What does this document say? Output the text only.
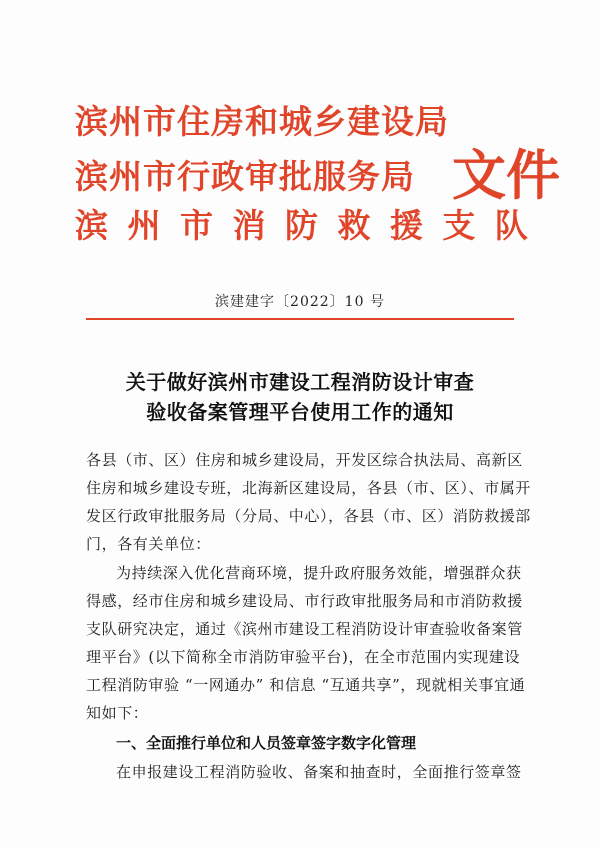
滨州市住房和城乡建设局
滨州市行政审批服务局
滨 州 市 消 防 救 援 支 队
文件
滨建建字〔2022〕10 号
关于做好滨州市建设工程消防设计审查
验收备案管理平台使用工作的通知
各县（市、区）住房和城乡建设局，开发区综合执法局、高新区
住房和城乡建设专班，北海新区建设局，各县（市、区）、市属开
发区行政审批服务局（分局、中心），各县（市、区）消防救援部
门，各有关单位：
为持续深入优化营商环境，提升政府服务效能，增强群众获
得感，经市住房和城乡建设局、市行政审批服务局和市消防救援
支队研究决定，通过《滨州市建设工程消防设计审查验收备案管
理平台》(以下简称全市消防审验平台)，在全市范围内实现建设
工程消防审验 “一网通办” 和信息 “互通共享”，现就相关事宜通
知如下：
一、全面推行单位和人员签章签字数字化管理
在申报建设工程消防验收、备案和抽查时，全面推行签章签
